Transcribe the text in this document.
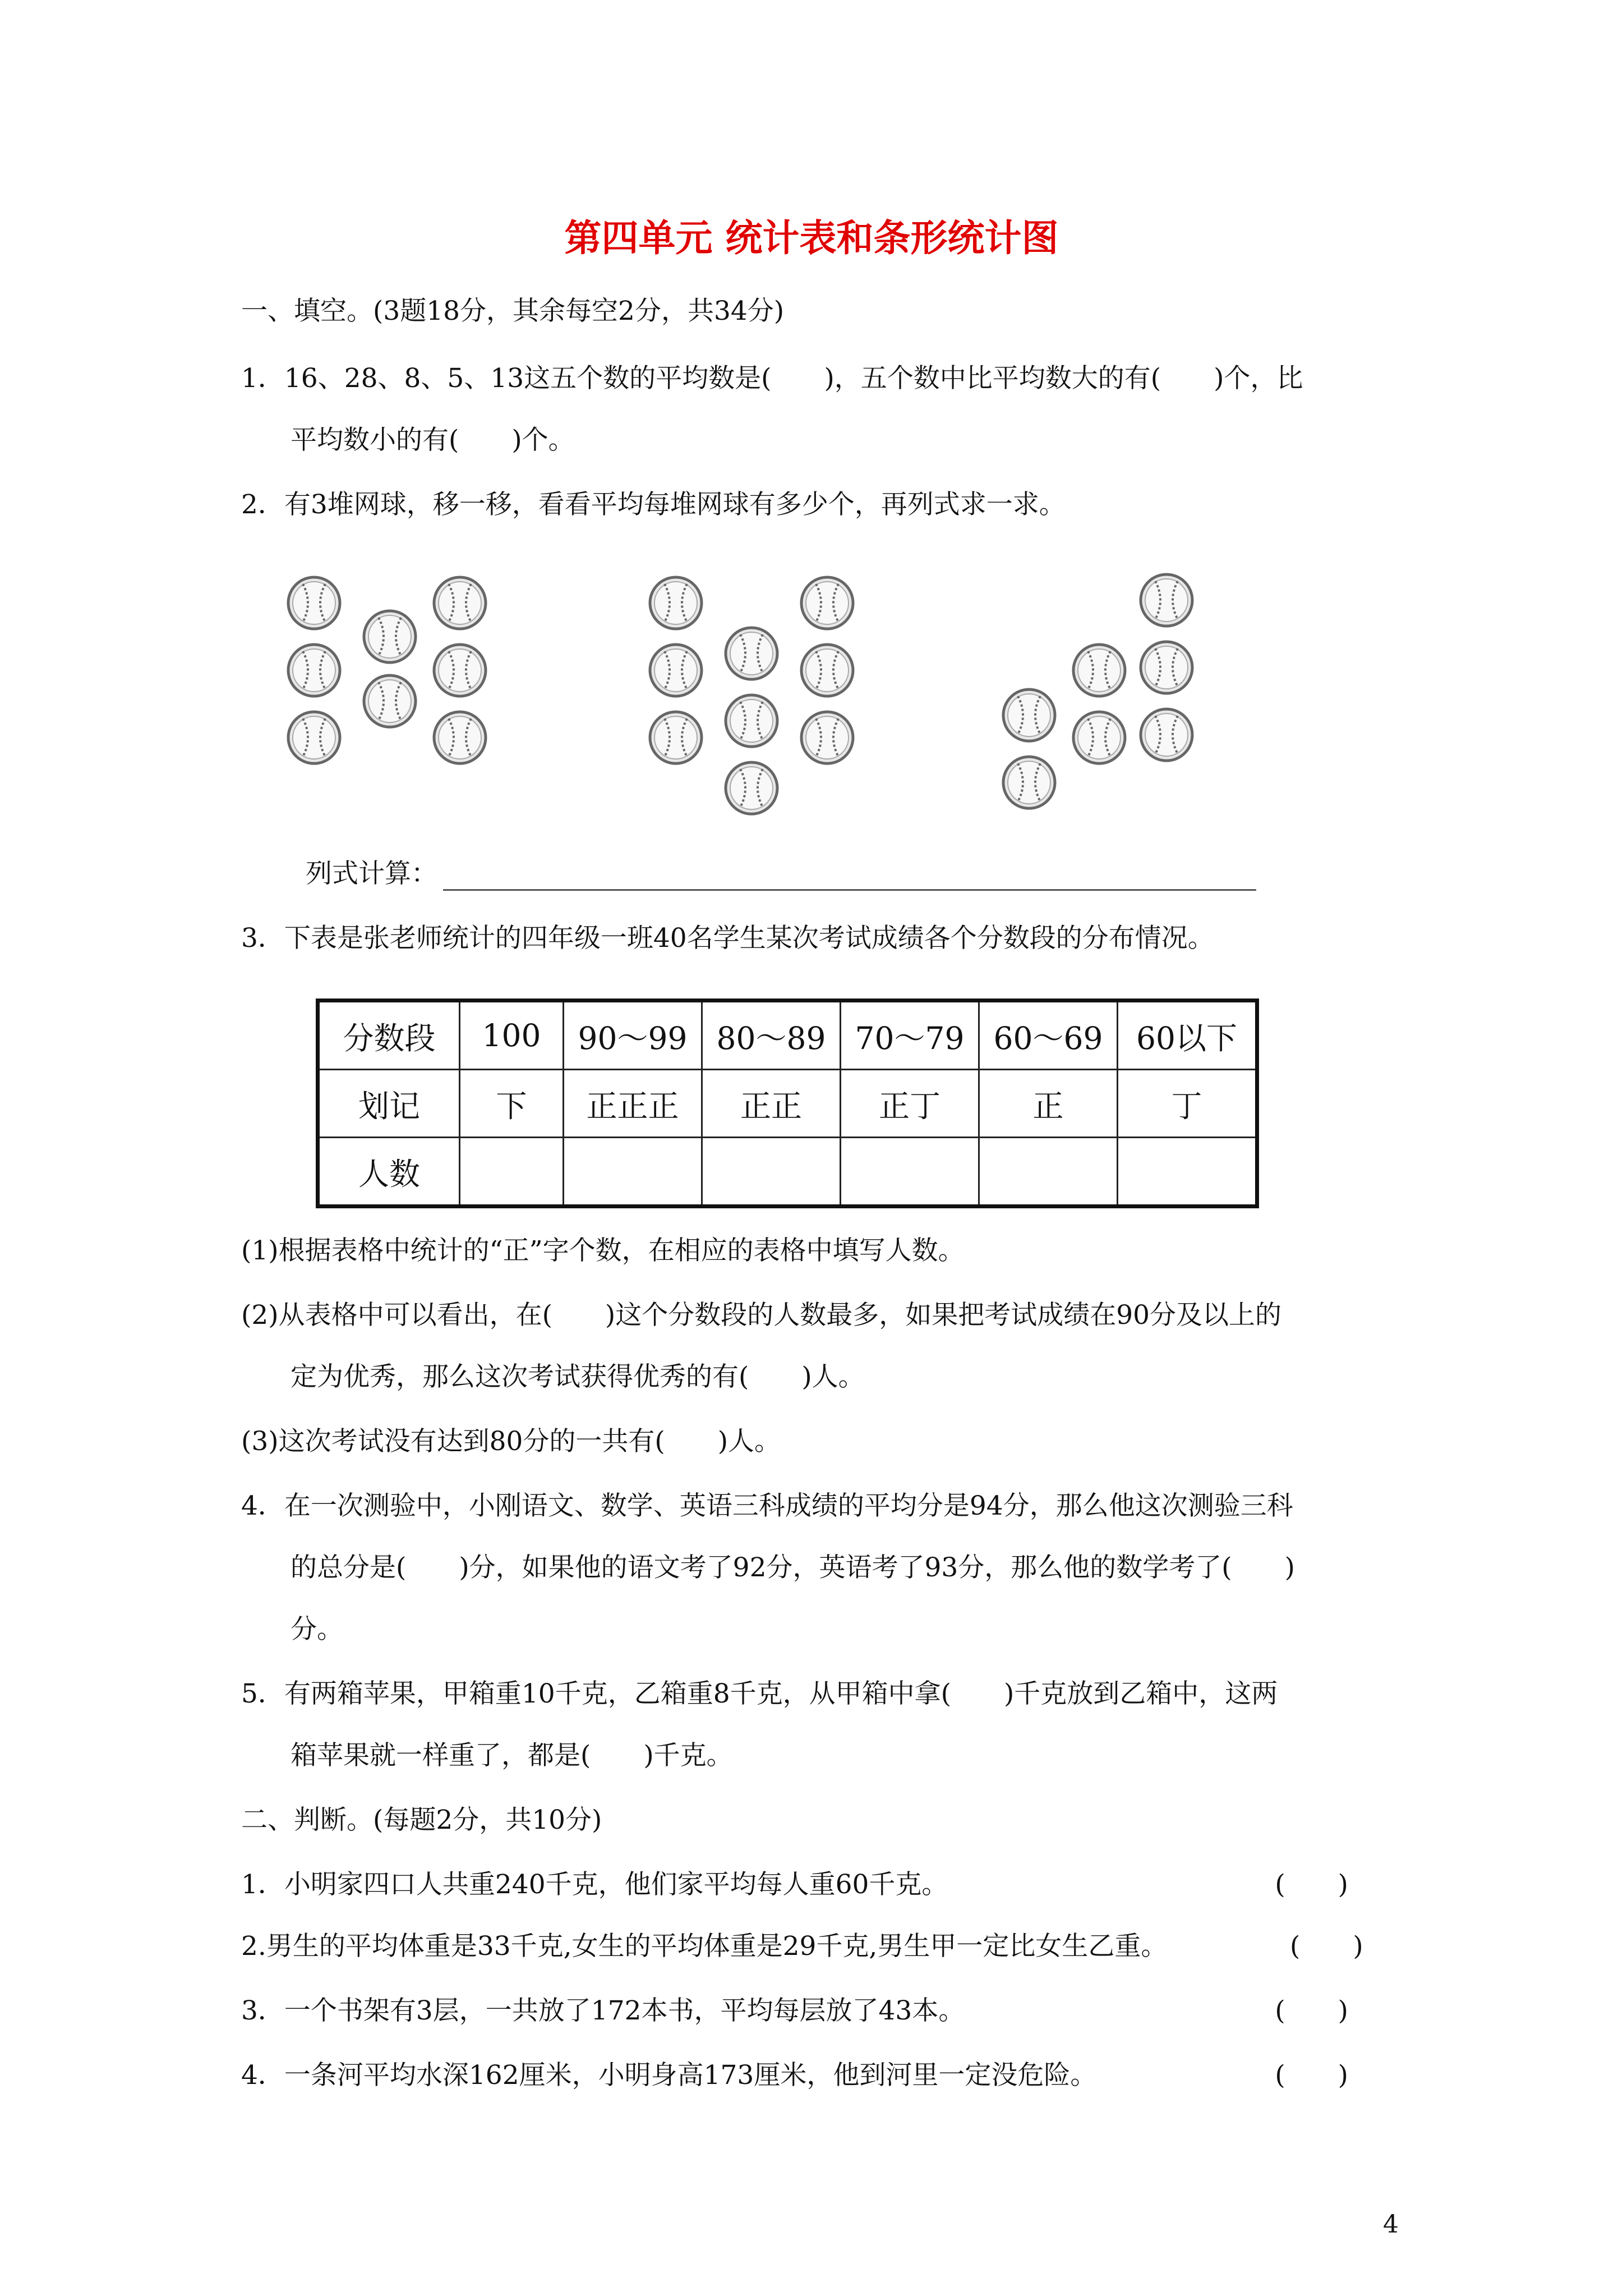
第四单元 统计表和条形统计图
一、填空。(3题18分，其余每空2分，共34分)
1．16、28、8、5、13这五个数的平均数是(　　)，五个数中比平均数大的有(　　)个，比
平均数小的有(　　)个。
2．有3堆网球，移一移，看看平均每堆网球有多少个，再列式求一求。
列式计算：
3．下表是张老师统计的四年级一班40名学生某次考试成绩各个分数段的分布情况。
分数段	100	90～99	80～89	70～79	60～69	60以下
划记	下	正正正	正正	正丁	正	丁
人数						
(1)根据表格中统计的“正”字个数，在相应的表格中填写人数。
(2)从表格中可以看出，在(　　)这个分数段的人数最多，如果把考试成绩在90分及以上的
定为优秀，那么这次考试获得优秀的有(　　)人。
(3)这次考试没有达到80分的一共有(　　)人。
4．在一次测验中，小刚语文、数学、英语三科成绩的平均分是94分，那么他这次测验三科
的总分是(　　)分，如果他的语文考了92分，英语考了93分，那么他的数学考了(　　)
分。
5．有两箱苹果，甲箱重10千克，乙箱重8千克，从甲箱中拿(　　)千克放到乙箱中，这两
箱苹果就一样重了，都是(　　)千克。
二、判断。(每题2分，共10分)
1．小明家四口人共重240千克，他们家平均每人重60千克。	(　　)
2.男生的平均体重是33千克,女生的平均体重是29千克,男生甲一定比女生乙重。	(　　)
3．一个书架有3层，一共放了172本书，平均每层放了43本。	(　　)
4．一条河平均水深162厘米，小明身高173厘米，他到河里一定没危险。	(　　)
4
